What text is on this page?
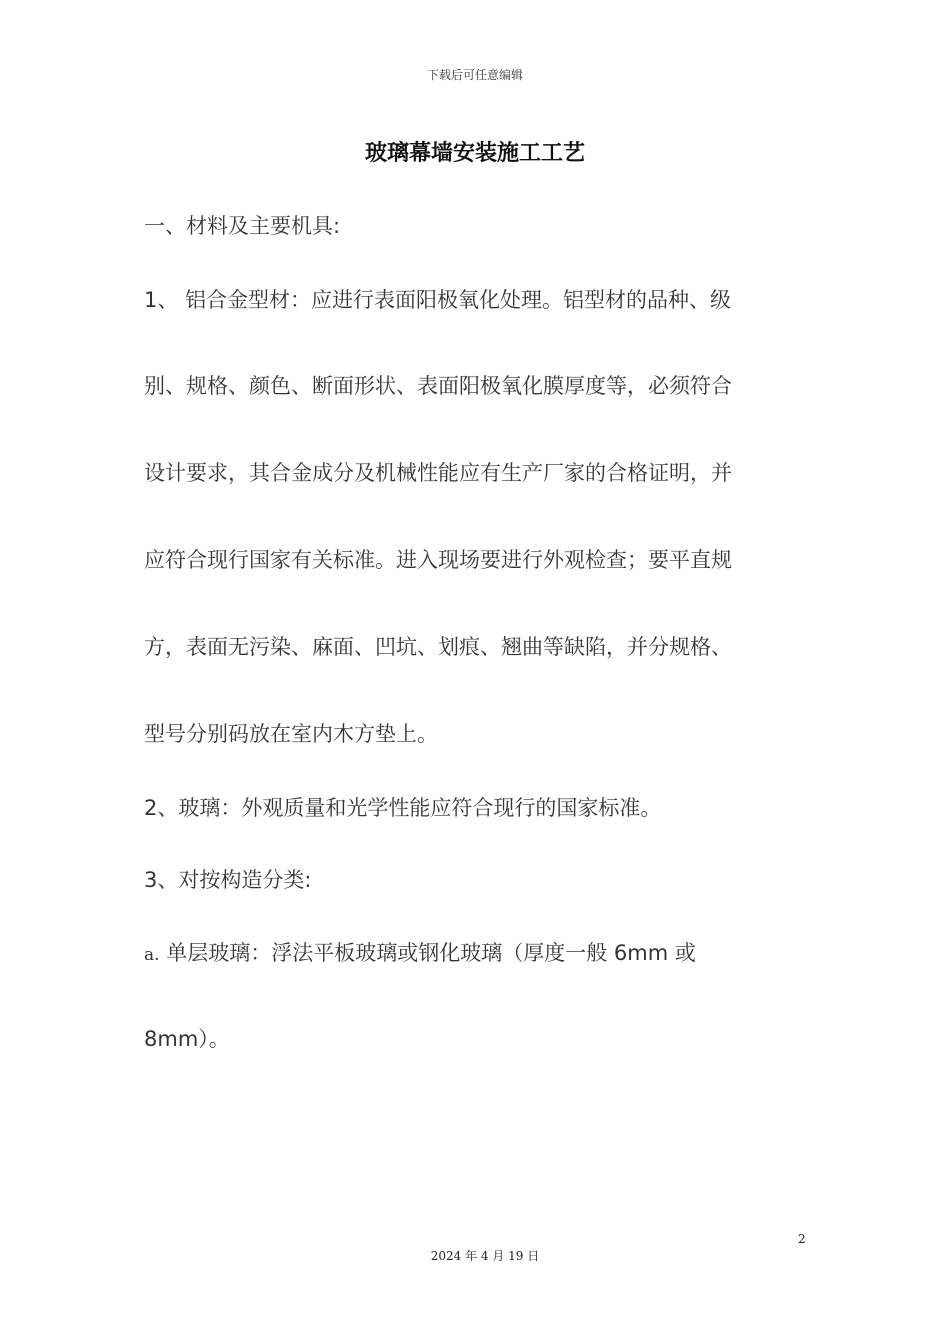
下载后可任意编辑
玻璃幕墙安装施工工艺
一、材料及主要机具:
1、 铝合金型材：应进行表面阳极氧化处理。铝型材的品种、级
别、规格、颜色、断面形状、表面阳极氧化膜厚度等，必须符合
设计要求，其合金成分及机械性能应有生产厂家的合格证明，并
应符合现行国家有关标准。进入现场要进行外观检查；要平直规
方，表面无污染、麻面、凹坑、划痕、翘曲等缺陷，并分规格、
型号分别码放在室内木方垫上。
2、玻璃：外观质量和光学性能应符合现行的国家标准。
3、对按构造分类:
a. 单层玻璃：浮法平板玻璃或钢化玻璃（厚度一般 6mm 或
8mm）。
2
2024 年 4 月 19 日
